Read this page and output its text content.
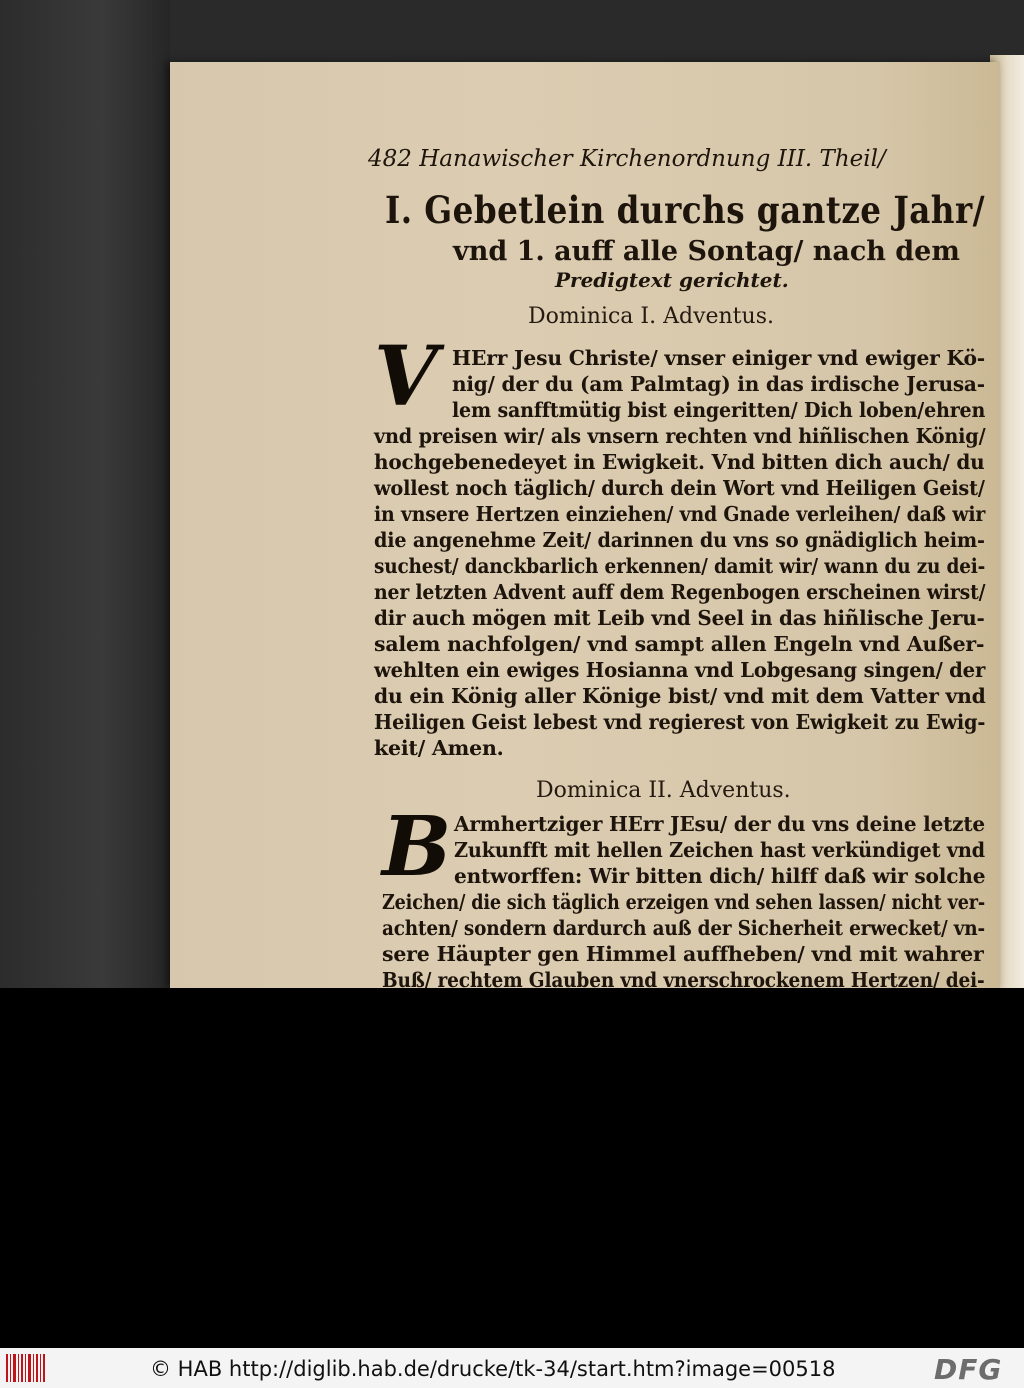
482 Hanawischer Kirchenordnung III. Theil/
I. Gebetlein durchs gantze Jahr/
vnd 1. auff alle Sontag/ nach dem
Predigtext gerichtet.
Dominica I. Adventus.
V HErr Jesu Christe/ vnser einiger vnd ewiger Kö-
nig/ der du (am Palmtag) in das irdische Jerusa-
lem sanfftmütig bist eingeritten/ Dich loben/ehren
vnd preisen wir/ als vnsern rechten vnd hiñlischen König/
hochgebenedeyet in Ewigkeit. Vnd bitten dich auch/ du
wollest noch täglich/ durch dein Wort vnd Heiligen Geist/
in vnsere Hertzen einziehen/ vnd Gnade verleihen/ daß wir
die angenehme Zeit/ darinnen du vns so gnädiglich heim-
suchest/ danckbarlich erkennen/ damit wir/ wann du zu dei-
ner letzten Advent auff dem Regenbogen erscheinen wirst/
dir auch mögen mit Leib vnd Seel in das hiñlische Jeru-
salem nachfolgen/ vnd sampt allen Engeln vnd Außer-
wehlten ein ewiges Hosianna vnd Lobgesang singen/ der
du ein König aller Könige bist/ vnd mit dem Vatter vnd
Heiligen Geist lebest vnd regierest von Ewigkeit zu Ewig-
keit/ Amen.
Dominica II. Adventus.
B Armhertziger HErr JEsu/ der du vns deine letzte
Zukunfft mit hellen Zeichen hast verkündiget vnd
entworffen: Wir bitten dich/ hilff daß wir solche
Zeichen/ die sich täglich erzeigen vnd sehen lassen/ nicht ver-
achten/ sondern dardurch auß der Sicherheit erwecket/ vn-
sere Häupter gen Himmel auffheben/ vnd mit wahrer
Buß/ rechtem Glauben vnd vnerschrockenem Hertzen/ dei-
© HAB http://diglib.hab.de/drucke/tk-34/start.htm?image=00518	DFG
